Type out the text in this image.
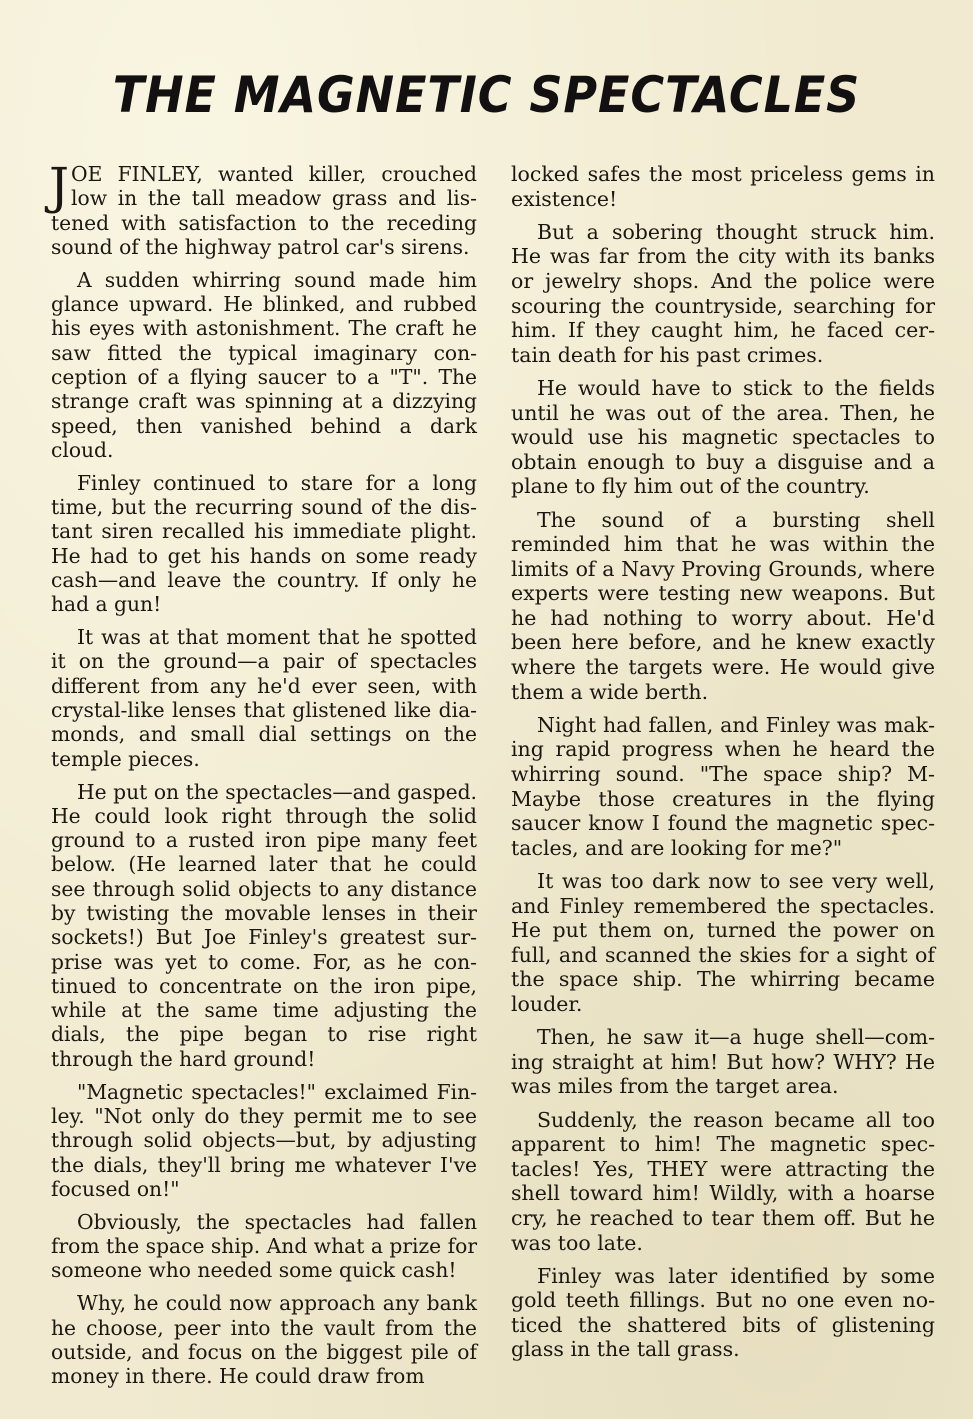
THE MAGNETIC SPECTACLES

JOE FINLEY, wanted killer, crouched low in the tall meadow grass and listened with satisfaction to the receding sound of the highway patrol car's sirens.

A sudden whirring sound made him glance upward. He blinked, and rubbed his eyes with astonishment. The craft he saw fitted the typical imaginary conception of a flying saucer to a "T". The strange craft was spinning at a dizzying speed, then vanished behind a dark cloud.

Finley continued to stare for a long time, but the recurring sound of the distant siren recalled his immediate plight. He had to get his hands on some ready cash—and leave the country. If only he had a gun!

It was at that moment that he spotted it on the ground—a pair of spectacles different from any he'd ever seen, with crystal-like lenses that glistened like diamonds, and small dial settings on the temple pieces.

He put on the spectacles—and gasped. He could look right through the solid ground to a rusted iron pipe many feet below. (He learned later that he could see through solid objects to any distance by twisting the movable lenses in their sockets!) But Joe Finley's greatest surprise was yet to come. For, as he continued to concentrate on the iron pipe, while at the same time adjusting the dials, the pipe began to rise right through the hard ground!

"Magnetic spectacles!" exclaimed Finley. "Not only do they permit me to see through solid objects—but, by adjusting the dials, they'll bring me whatever I've focused on!"

Obviously, the spectacles had fallen from the space ship. And what a prize for someone who needed some quick cash!

Why, he could now approach any bank he choose, peer into the vault from the outside, and focus on the biggest pile of money in there. He could draw from

locked safes the most priceless gems in existence!

But a sobering thought struck him. He was far from the city with its banks or jewelry shops. And the police were scouring the countryside, searching for him. If they caught him, he faced certain death for his past crimes.

He would have to stick to the fields until he was out of the area. Then, he would use his magnetic spectacles to obtain enough to buy a disguise and a plane to fly him out of the country.

The sound of a bursting shell reminded him that he was within the limits of a Navy Proving Grounds, where experts were testing new weapons. But he had nothing to worry about. He'd been here before, and he knew exactly where the targets were. He would give them a wide berth.

Night had fallen, and Finley was making rapid progress when he heard the whirring sound. "The space ship? M-Maybe those creatures in the flying saucer know I found the magnetic spectacles, and are looking for me?"

It was too dark now to see very well, and Finley remembered the spectacles. He put them on, turned the power on full, and scanned the skies for a sight of the space ship. The whirring became louder.

Then, he saw it—a huge shell—coming straight at him! But how? WHY? He was miles from the target area.

Suddenly, the reason became all too apparent to him! The magnetic spectacles! Yes, THEY were attracting the shell toward him! Wildly, with a hoarse cry, he reached to tear them off. But he was too late.

Finley was later identified by some gold teeth fillings. But no one even noticed the shattered bits of glistening glass in the tall grass.
